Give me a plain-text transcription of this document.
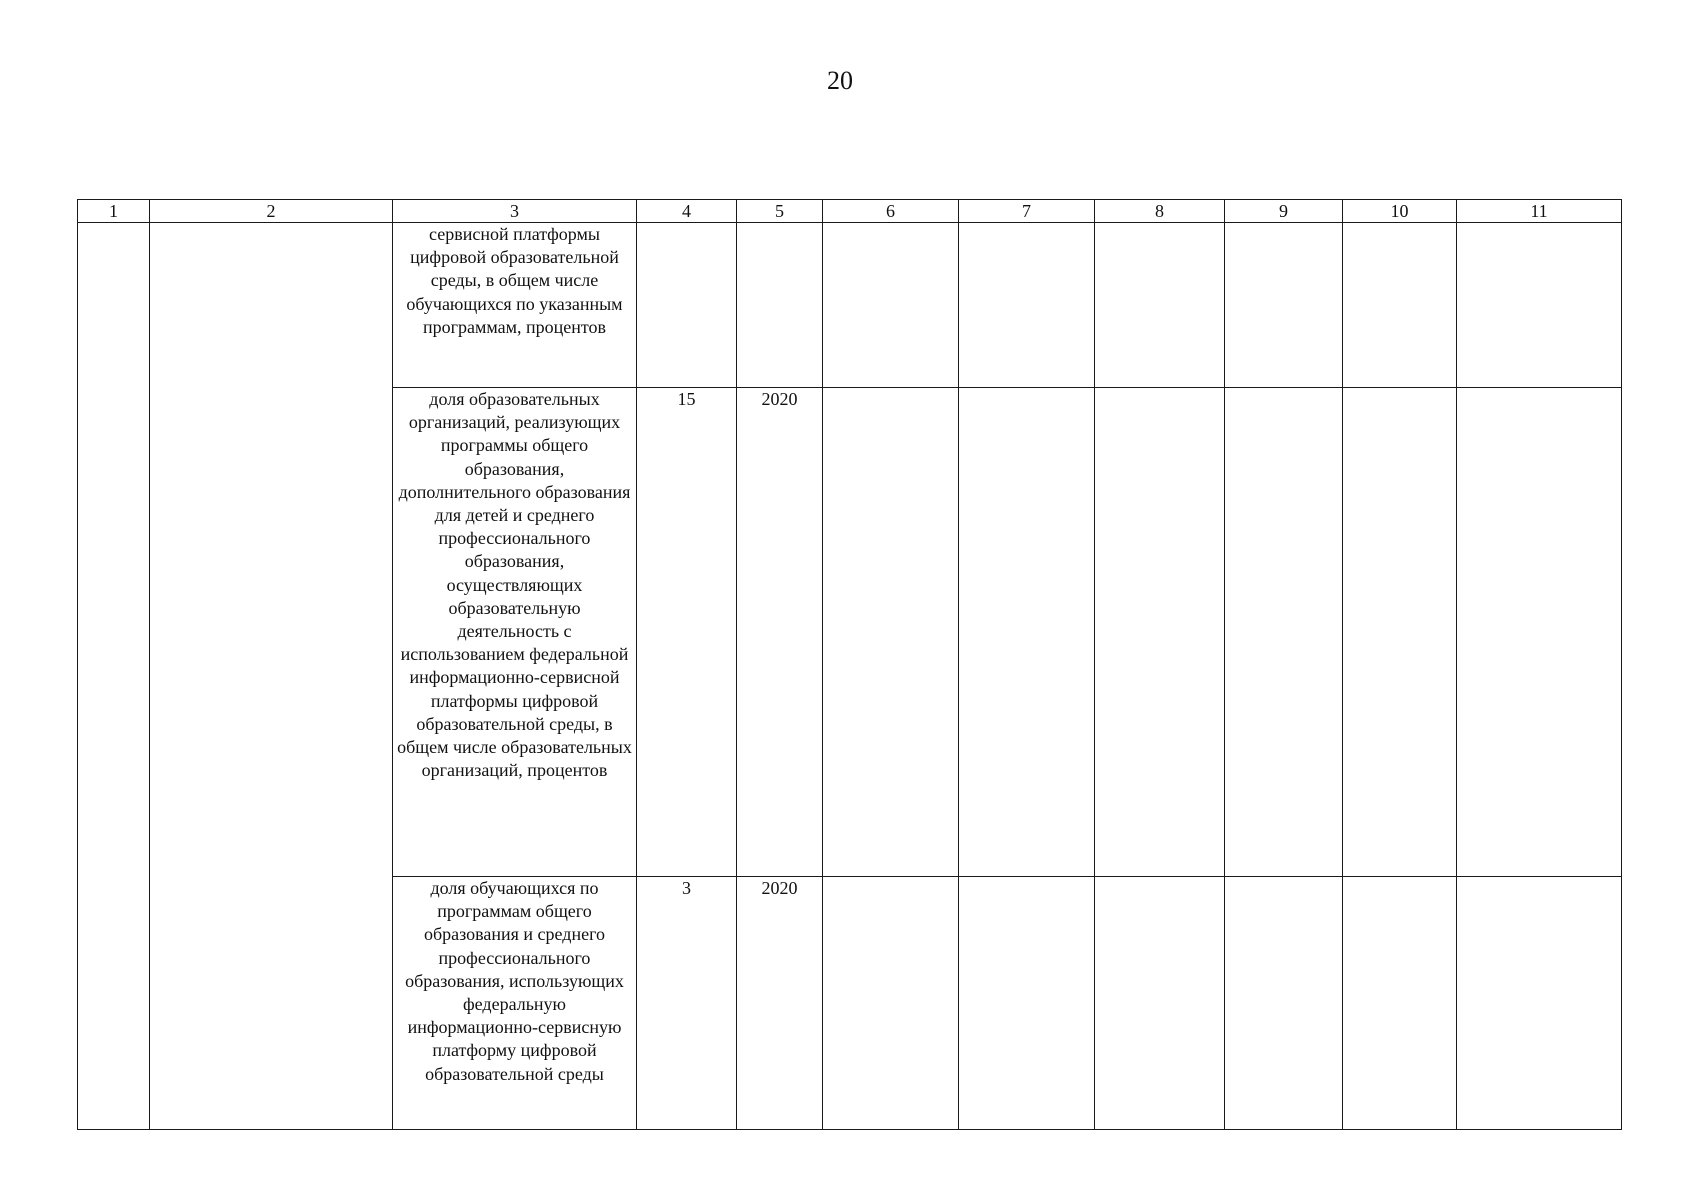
20
1	2	3	4	5	6	7	8	9	10	11
		сервисной платформы цифровой образовательной среды, в общем числе обучающихся по указанным программам, процентов								
		доля образовательных организаций, реализующих программы общего образования, дополнительного образования для детей и среднего профессионального образования, осуществляющих образовательную деятельность с использованием федеральной информационно-сервисной платформы цифровой образовательной среды, в общем числе образовательных организаций, процентов	15	2020						
		доля обучающихся по программам общего образования и среднего профессионального образования, использующих федеральную информационно-сервисную платформу цифровой образовательной среды	3	2020						
